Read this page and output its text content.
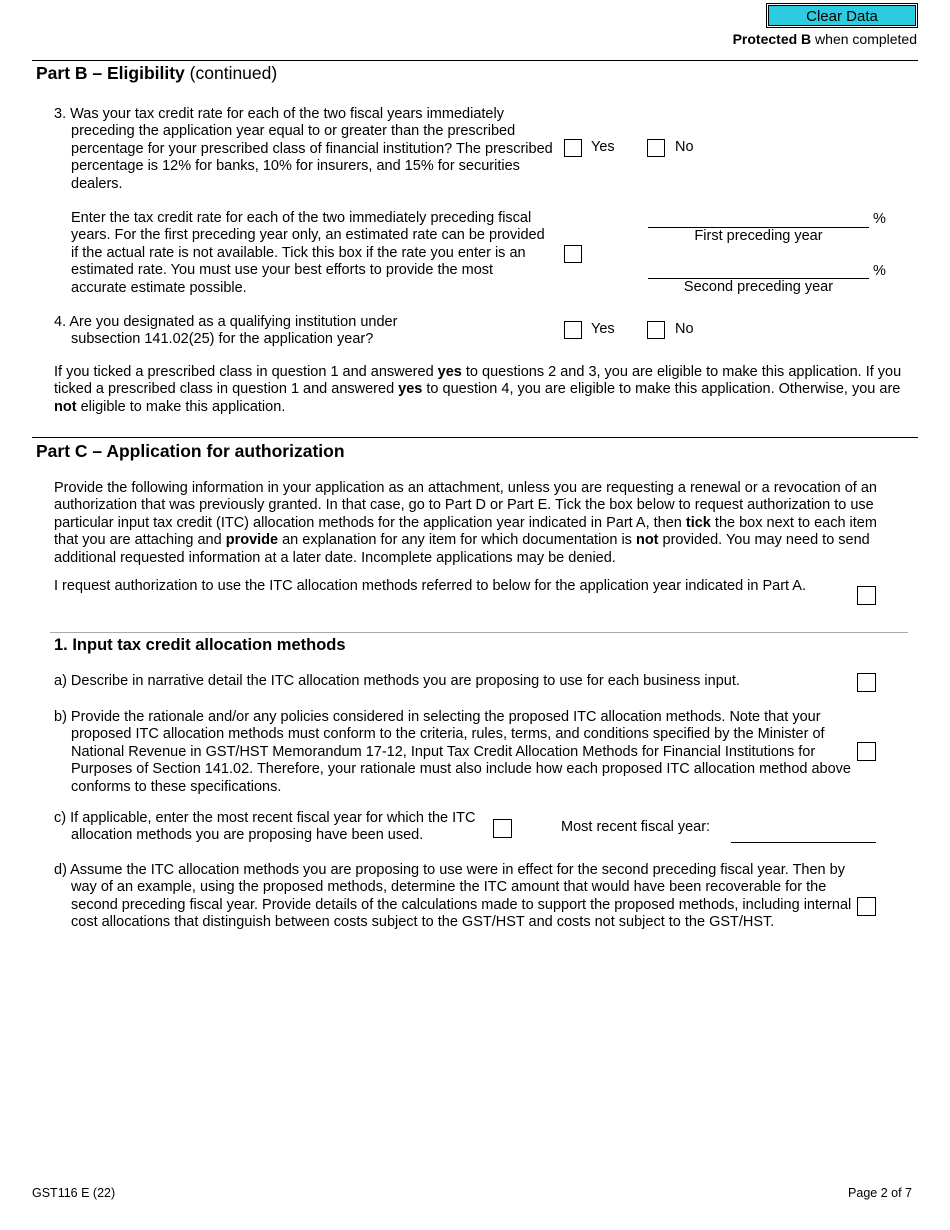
Clear Data
Protected B when completed
Part B – Eligibility (continued)
3. Was your tax credit rate for each of the two fiscal years immediately preceding the application year equal to or greater than the prescribed percentage for your prescribed class of financial institution? The prescribed percentage is 12% for banks, 10% for insurers, and 15% for securities dealers.
Yes	No
Enter the tax credit rate for each of the two immediately preceding fiscal years. For the first preceding year only, an estimated rate can be provided if the actual rate is not available. Tick this box if the rate you enter is an estimated rate. You must use your best efforts to provide the most accurate estimate possible.
%
First preceding year
%
Second preceding year
4. Are you designated as a qualifying institution under subsection 141.02(25) for the application year?
Yes	No
If you ticked a prescribed class in question 1 and answered yes to questions 2 and 3, you are eligible to make this application. If you ticked a prescribed class in question 1 and answered yes to question 4, you are eligible to make this application. Otherwise, you are not eligible to make this application.
Part C – Application for authorization
Provide the following information in your application as an attachment, unless you are requesting a renewal or a revocation of an authorization that was previously granted. In that case, go to Part D or Part E. Tick the box below to request authorization to use particular input tax credit (ITC) allocation methods for the application year indicated in Part A, then tick the box next to each item that you are attaching and provide an explanation for any item for which documentation is not provided. You may need to send additional requested information at a later date. Incomplete applications may be denied.
I request authorization to use the ITC allocation methods referred to below for the application year indicated in Part A.
1. Input tax credit allocation methods
a) Describe in narrative detail the ITC allocation methods you are proposing to use for each business input.
b) Provide the rationale and/or any policies considered in selecting the proposed ITC allocation methods. Note that your proposed ITC allocation methods must conform to the criteria, rules, terms, and conditions specified by the Minister of National Revenue in GST/HST Memorandum 17-12, Input Tax Credit Allocation Methods for Financial Institutions for Purposes of Section 141.02. Therefore, your rationale must also include how each proposed ITC allocation method above conforms to these specifications.
c) If applicable, enter the most recent fiscal year for which the ITC allocation methods you are proposing have been used.
Most recent fiscal year:
d) Assume the ITC allocation methods you are proposing to use were in effect for the second preceding fiscal year. Then by way of an example, using the proposed methods, determine the ITC amount that would have been recoverable for the second preceding fiscal year. Provide details of the calculations made to support the proposed methods, including internal cost allocations that distinguish between costs subject to the GST/HST and costs not subject to the GST/HST.
GST116 E (22)	Page 2 of 7
